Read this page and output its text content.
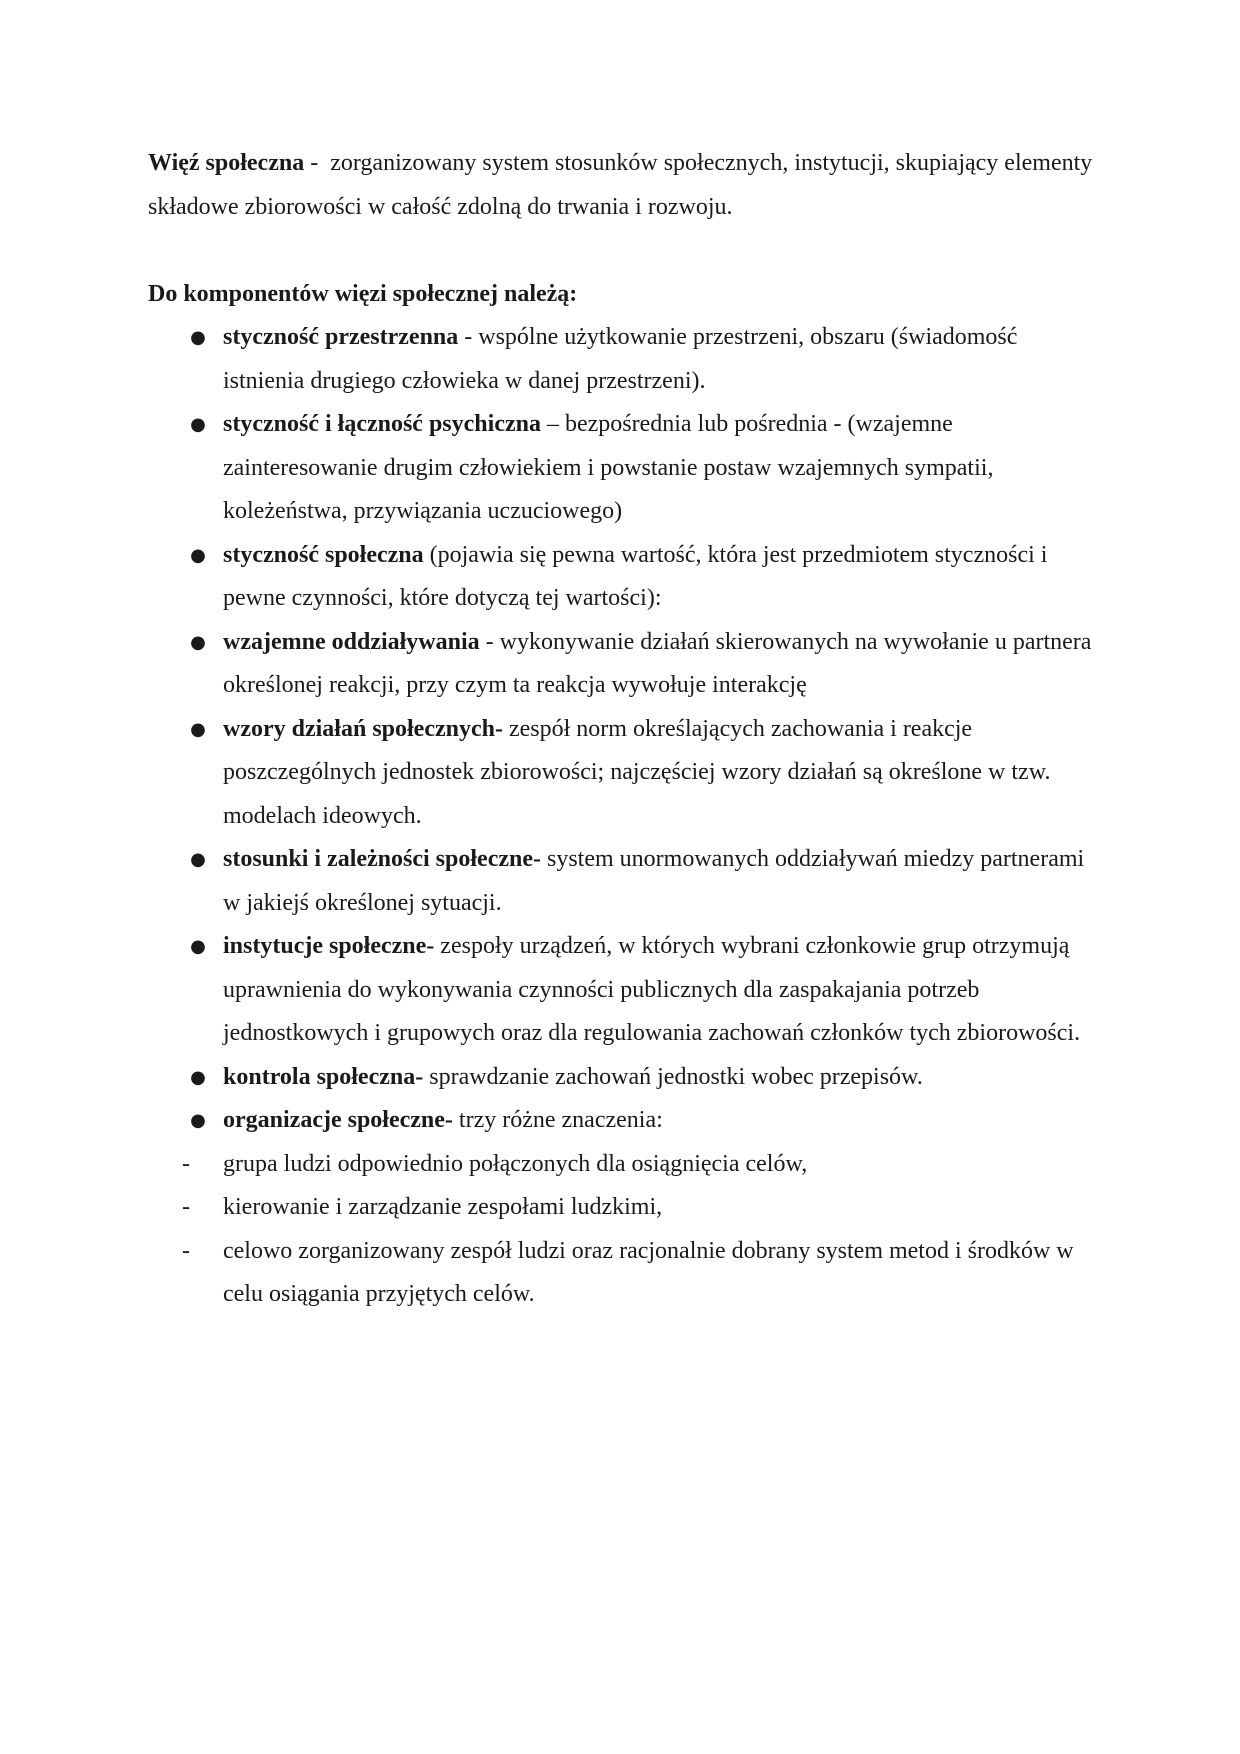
Więź społeczna -  zorganizowany system stosunków społecznych, instytucji, skupiający elementy składowe zbiorowości w całość zdolną do trwania i rozwoju.

Do komponentów więzi społecznej należą:

● styczność przestrzenna - wspólne użytkowanie przestrzeni, obszaru (świadomość istnienia drugiego człowieka w danej przestrzeni).
● styczność i łączność psychiczna – bezpośrednia lub pośrednia - (wzajemne zainteresowanie drugim człowiekiem i powstanie postaw wzajemnych sympatii, koleżeństwa, przywiązania uczuciowego)
● styczność społeczna (pojawia się pewna wartość, która jest przedmiotem styczności i pewne czynności, które dotyczą tej wartości):
● wzajemne oddziaływania - wykonywanie działań skierowanych na wywołanie u partnera określonej reakcji, przy czym ta reakcja wywołuje interakcję
● wzory działań społecznych- zespół norm określających zachowania i reakcje poszczególnych jednostek zbiorowości; najczęściej wzory działań są określone w tzw. modelach ideowych.
● stosunki i zależności społeczne- system unormowanych oddziaływań miedzy partnerami w jakiejś określonej sytuacji.
● instytucje społeczne- zespoły urządzeń, w których wybrani członkowie grup otrzymują uprawnienia do wykonywania czynności publicznych dla zaspakajania potrzeb jednostkowych i grupowych oraz dla regulowania zachowań członków tych zbiorowości.
● kontrola społeczna- sprawdzanie zachowań jednostki wobec przepisów.
● organizacje społeczne- trzy różne znaczenia:
- grupa ludzi odpowiednio połączonych dla osiągnięcia celów,
- kierowanie i zarządzanie zespołami ludzkimi,
- celowo zorganizowany zespół ludzi oraz racjonalnie dobrany system metod i środków w celu osiągania przyjętych celów.
